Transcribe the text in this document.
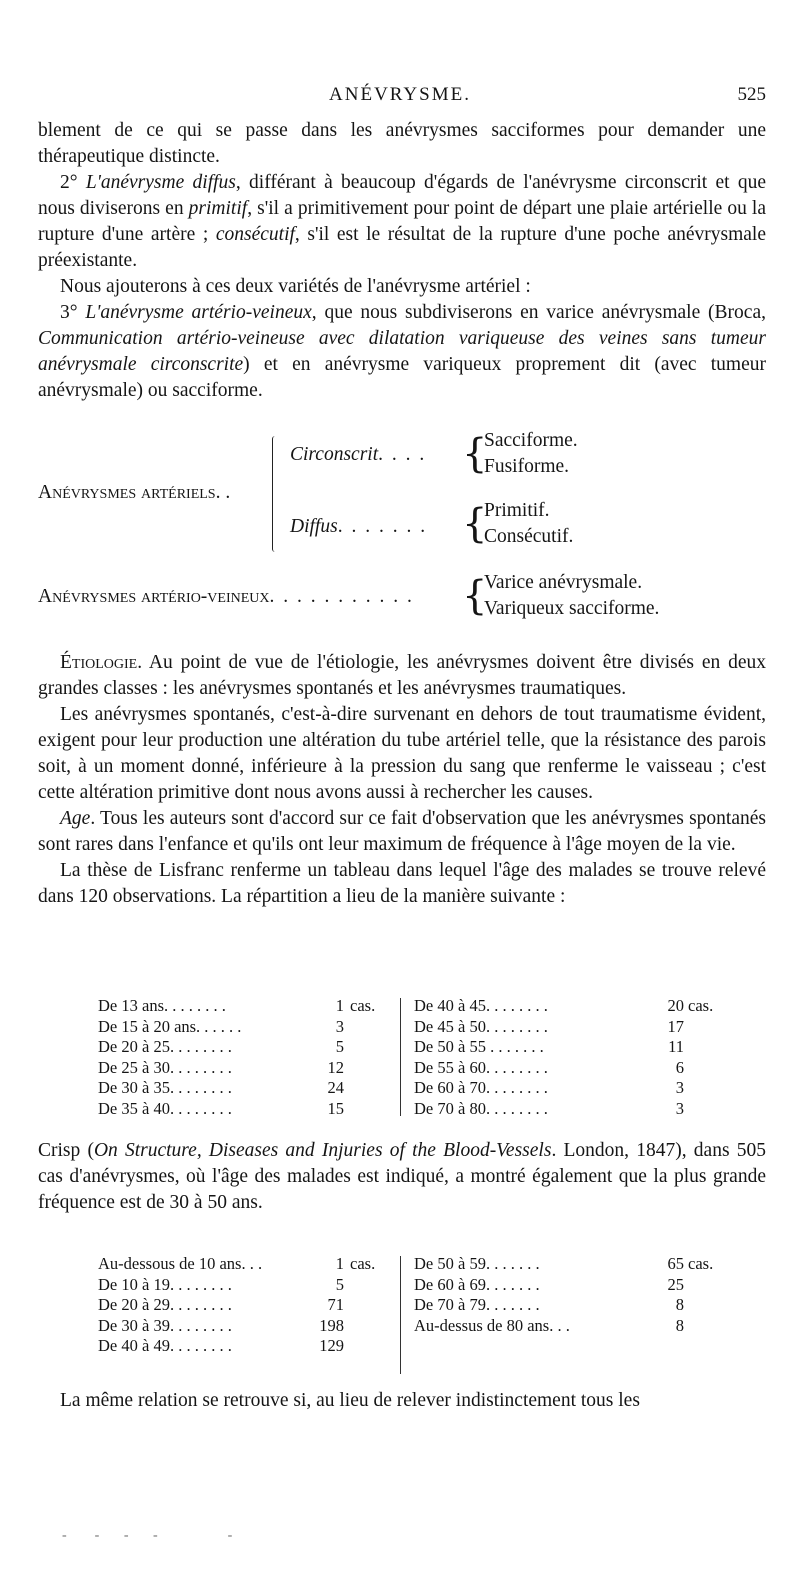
ANÉVRYSME.	525

blement de ce qui se passe dans les anévrysmes sacciformes pour demander une thérapeutique distincte.

2° L'anévrysme diffus, différant à beaucoup d'égards de l'anévrysme circonscrit et que nous diviserons en primitif, s'il a primitivement pour point de départ une plaie artérielle ou la rupture d'une artère ; consécutif, s'il est le résultat de la rupture d'une poche anévrysmale préexistante.

Nous ajouterons à ces deux variétés de l'anévrysme artériel :

3° L'anévrysme artério-veineux, que nous subdiviserons en varice anévrysmale (Broca, Communication artério-veineuse avec dilatation variqueuse des veines sans tumeur anévrysmale circonscrite) et en anévrysme variqueux proprement dit (avec tumeur anévrysmale) ou sacciforme.

Anévrysmes artériels. .
Circonscrit. . . . {
Sacciforme.
Fusiforme.
Diffus. . . . . . . {
Primitif.
Consécutif.
Anévrysmes artério-veineux. . . . . . . . . . . {
Varice anévrysmale.
Variqueux sacciforme.

Étiologie. Au point de vue de l'étiologie, les anévrysmes doivent être divisés en deux grandes classes : les anévrysmes spontanés et les anévrysmes traumatiques.

Les anévrysmes spontanés, c'est-à-dire survenant en dehors de tout traumatisme évident, exigent pour leur production une altération du tube artériel telle, que la résistance des parois soit, à un moment donné, inférieure à la pression du sang que renferme le vaisseau ; c'est cette altération primitive dont nous avons aussi à rechercher les causes.

Age. Tous les auteurs sont d'accord sur ce fait d'observation que les anévrysmes spontanés sont rares dans l'enfance et qu'ils ont leur maximum de fréquence à l'âge moyen de la vie.

La thèse de Lisfranc renferme un tableau dans lequel l'âge des malades se trouve relevé dans 120 observations. La répartition a lieu de la manière suivante :

De 13 ans. . . . . . . .	1 cas.
De 15 à 20 ans. . . . . .	3
De 20 à 25. . . . . . . .	5
De 25 à 30. . . . . . . .	12
De 30 à 35. . . . . . . .	24
De 35 à 40. . . . . . . .	15
De 40 à 45. . . . . . . .	20 cas.
De 45 à 50. . . . . . . .	17
De 50 à 55 . . . . . . .	11
De 55 à 60. . . . . . . .	6
De 60 à 70. . . . . . . .	3
De 70 à 80. . . . . . . .	3

Crisp (On Structure, Diseases and Injuries of the Blood-Vessels. London, 1847), dans 505 cas d'anévrysmes, où l'âge des malades est indiqué, a montré également que la plus grande fréquence est de 30 à 50 ans.

Au-dessous de 10 ans. . .	1 cas.
De 10 à 19. . . . . . . .	5
De 20 à 29. . . . . . . .	71
De 30 à 39. . . . . . . .	198
De 40 à 49. . . . . . . .	129
De 50 à 59. . . . . . .	65 cas.
De 60 à 69. . . . . . .	25
De 70 à 79. . . . . . .	8
Au-dessus de 80 ans. . .	8

La même relation se retrouve si, au lieu de relever indistinctement tous les

-        -       -       -                    -
